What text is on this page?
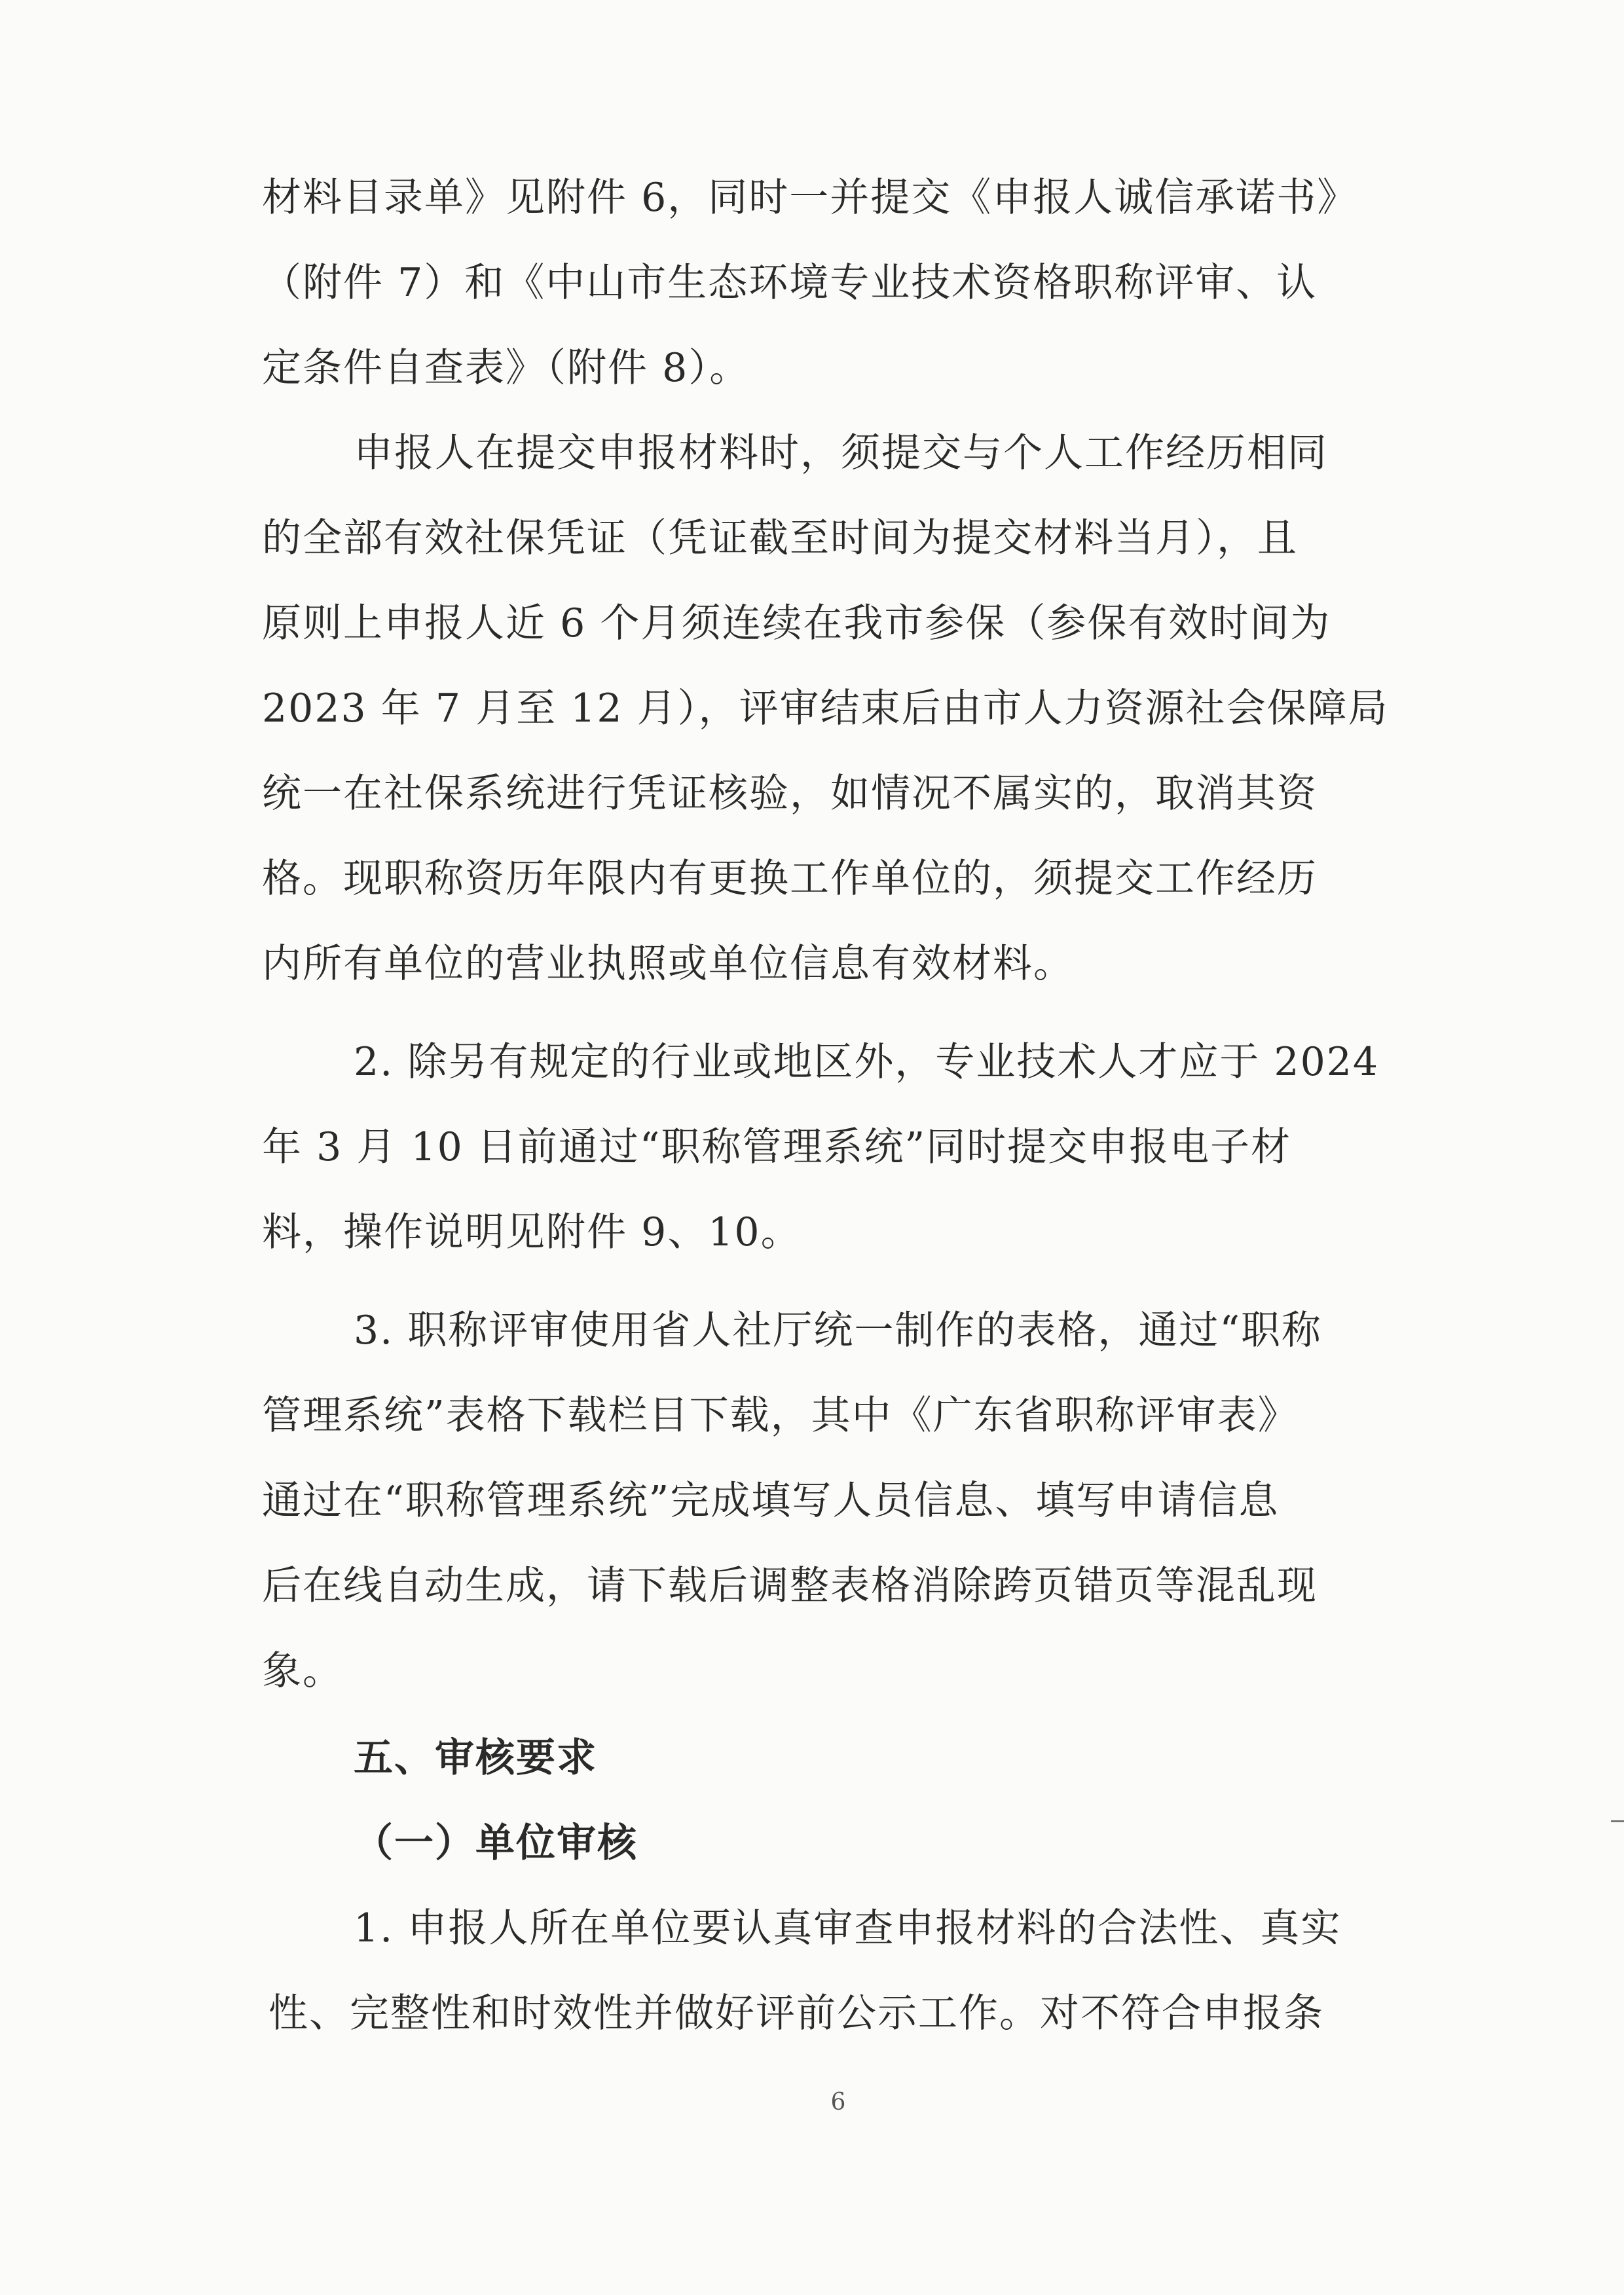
材料目录单》见附件 6，同时一并提交《申报人诚信承诺书》
（附件 7）和《中山市生态环境专业技术资格职称评审、认
定条件自查表》（附件 8）。
申报人在提交申报材料时，须提交与个人工作经历相同
的全部有效社保凭证（凭证截至时间为提交材料当月），且
原则上申报人近 6 个月须连续在我市参保（参保有效时间为
2023 年 7 月至 12 月），评审结束后由市人力资源社会保障局
统一在社保系统进行凭证核验，如情况不属实的，取消其资
格。现职称资历年限内有更换工作单位的，须提交工作经历
内所有单位的营业执照或单位信息有效材料。
2. 除另有规定的行业或地区外，专业技术人才应于 2024
年 3 月 10 日前通过“职称管理系统”同时提交申报电子材
料，操作说明见附件 9、10。
3. 职称评审使用省人社厅统一制作的表格，通过“职称
管理系统”表格下载栏目下载，其中《广东省职称评审表》
通过在“职称管理系统”完成填写人员信息、填写申请信息
后在线自动生成，请下载后调整表格消除跨页错页等混乱现
象。
五、审核要求
（一）单位审核
1. 申报人所在单位要认真审查申报材料的合法性、真实
性、完整性和时效性并做好评前公示工作。对不符合申报条
6
